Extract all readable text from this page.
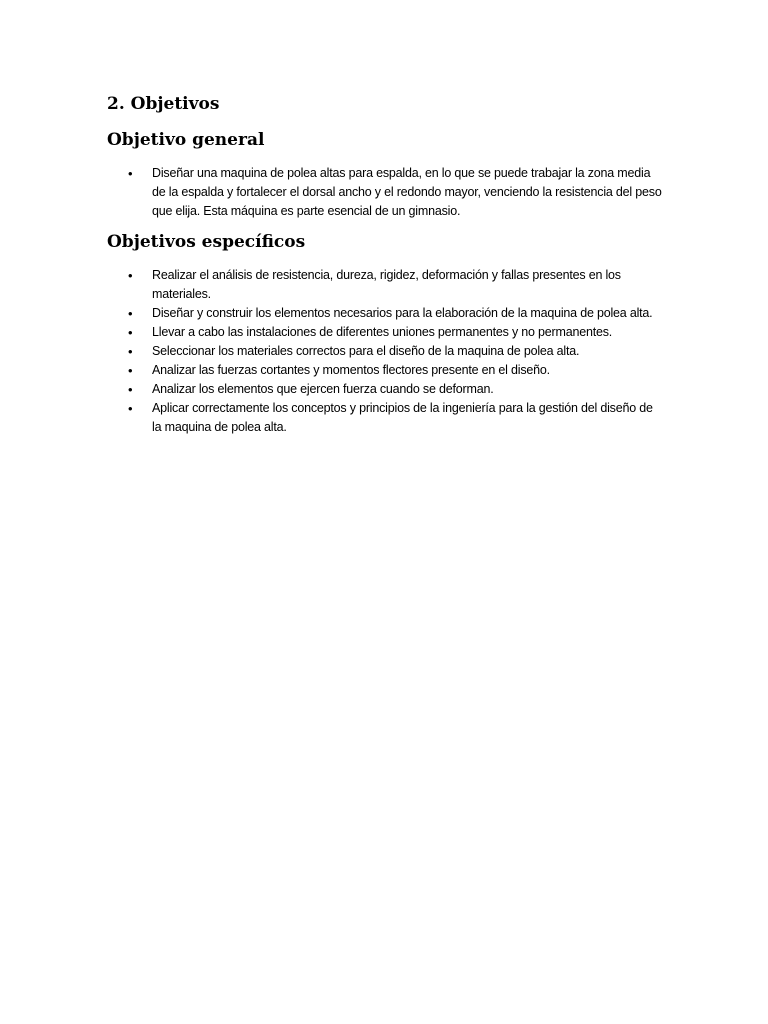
2. Objetivos
Objetivo general
• Diseñar una maquina de polea altas para espalda, en lo que se puede trabajar la zona media de la espalda y fortalecer el dorsal ancho y el redondo mayor, venciendo la resistencia del peso que elija. Esta máquina es parte esencial de un gimnasio.
Objetivos específicos
• Realizar el análisis de resistencia, dureza, rigidez, deformación y fallas presentes en los materiales.
• Diseñar y construir los elementos necesarios para la elaboración de la maquina de polea alta.
• Llevar a cabo las instalaciones de diferentes uniones permanentes y no permanentes.
• Seleccionar los materiales correctos para el diseño de la maquina de polea alta.
• Analizar las fuerzas cortantes y momentos flectores presente en el diseño.
• Analizar los elementos que ejercen fuerza cuando se deforman.
• Aplicar correctamente los conceptos y principios de la ingeniería para la gestión del diseño de la maquina de polea alta.
